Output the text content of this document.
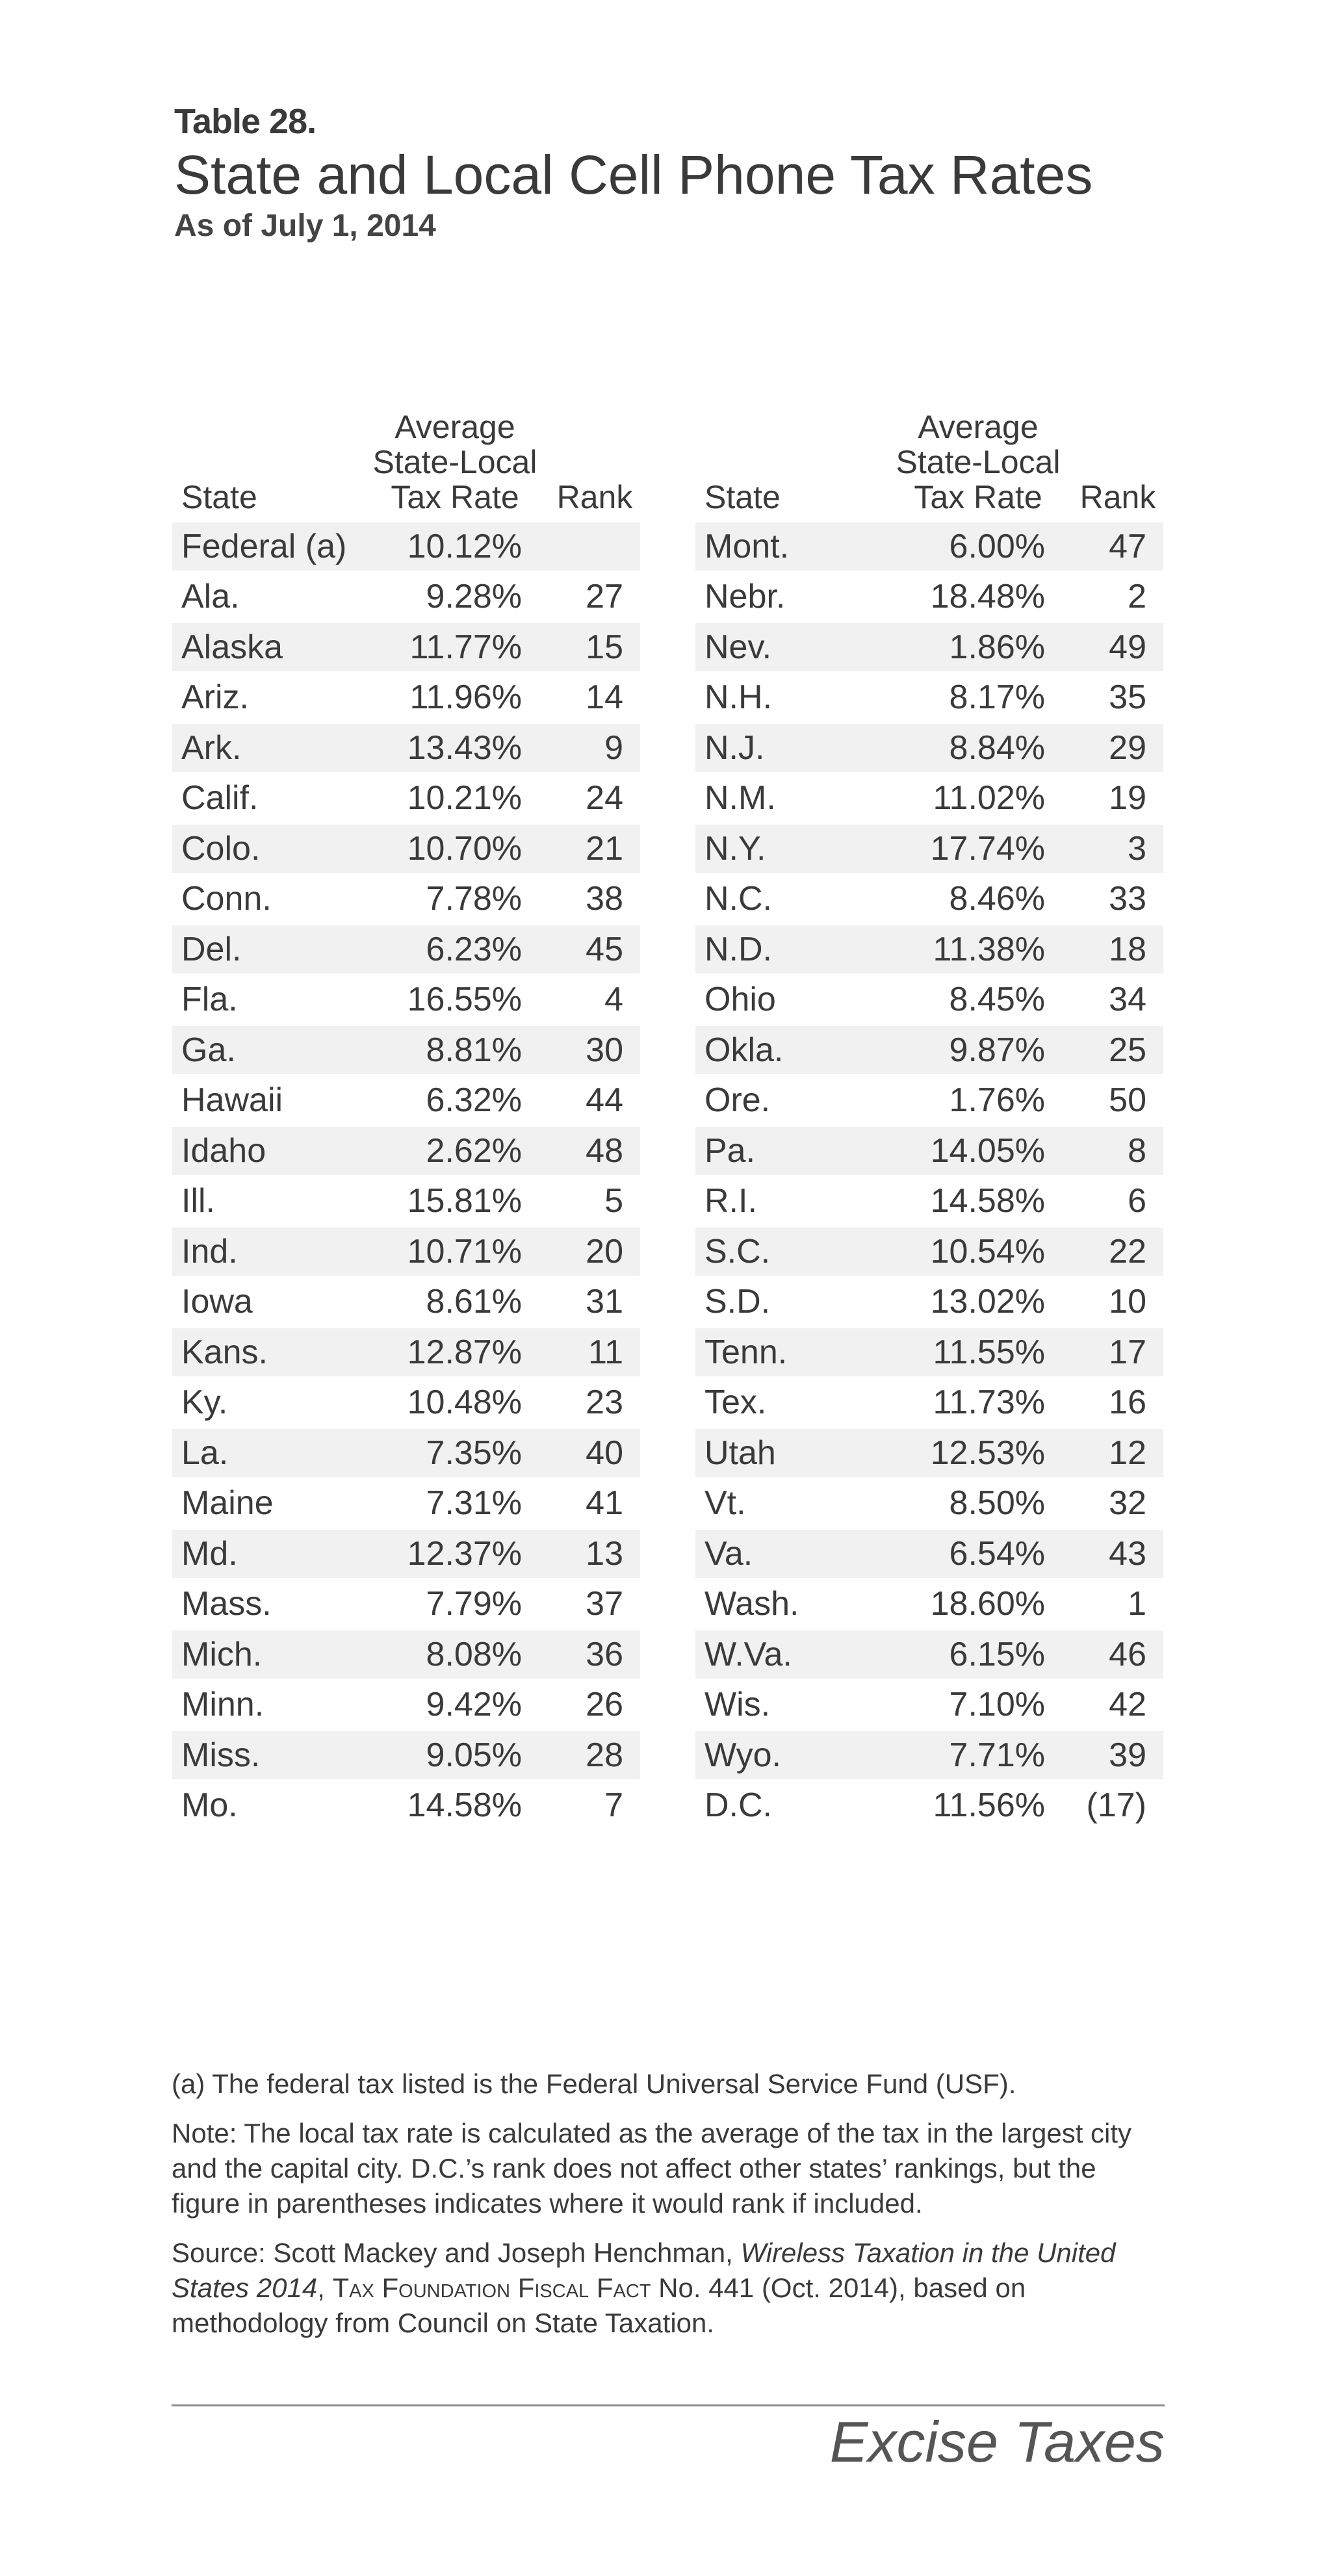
Table 28.
State and Local Cell Phone Tax Rates
As of July 1, 2014
State	Average
State-Local
Tax Rate	Rank
Federal (a)	10.12%	
Ala.	9.28%	27
Alaska	11.77%	15
Ariz.	11.96%	14
Ark.	13.43%	9
Calif.	10.21%	24
Colo.	10.70%	21
Conn.	7.78%	38
Del.	6.23%	45
Fla.	16.55%	4
Ga.	8.81%	30
Hawaii	6.32%	44
Idaho	2.62%	48
Ill.	15.81%	5
Ind.	10.71%	20
Iowa	8.61%	31
Kans.	12.87%	11
Ky.	10.48%	23
La.	7.35%	40
Maine	7.31%	41
Md.	12.37%	13
Mass.	7.79%	37
Mich.	8.08%	36
Minn.	9.42%	26
Miss.	9.05%	28
Mo.	14.58%	7
State	Average
State-Local
Tax Rate	Rank
Mont.	6.00%	47
Nebr.	18.48%	2
Nev.	1.86%	49
N.H.	8.17%	35
N.J.	8.84%	29
N.M.	11.02%	19
N.Y.	17.74%	3
N.C.	8.46%	33
N.D.	11.38%	18
Ohio	8.45%	34
Okla.	9.87%	25
Ore.	1.76%	50
Pa.	14.05%	8
R.I.	14.58%	6
S.C.	10.54%	22
S.D.	13.02%	10
Tenn.	11.55%	17
Tex.	11.73%	16
Utah	12.53%	12
Vt.	8.50%	32
Va.	6.54%	43
Wash.	18.60%	1
W.Va.	6.15%	46
Wis.	7.10%	42
Wyo.	7.71%	39
D.C.	11.56%	(17)

(a) The federal tax listed is the Federal Universal Service Fund (USF).

Note: The local tax rate is calculated as the average of the tax in the largest city and the capital city. D.C.’s rank does not affect other states’ rankings, but the figure in parentheses indicates where it would rank if included.

Source: Scott Mackey and Joseph Henchman, Wireless Taxation in the United States 2014, Tax Foundation Fiscal Fact No. 441 (Oct. 2014), based on methodology from Council on State Taxation.

Excise Taxes
